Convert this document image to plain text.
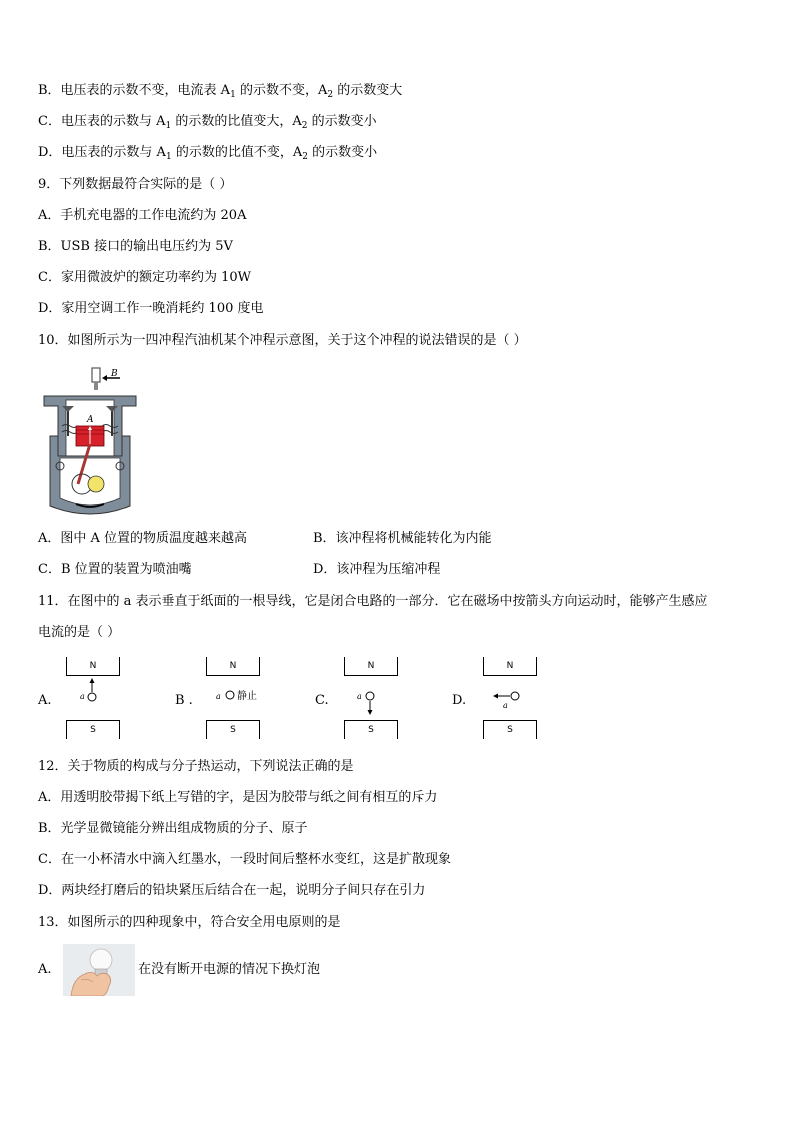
B．电压表的示数不变，电流表 $A_1$ 的示数不变，$A_2$ 的示数变大
C．电压表的示数与 $A_1$ 的示数的比值变大，$A_2$ 的示数变小
D．电压表的示数与 $A_1$ 的示数的比值不变，$A_2$ 的示数变小
9．下列数据最符合实际的是（ ）
A．手机充电器的工作电流约为 20A
B．USB 接口的输出电压约为 5V
C．家用微波炉的额定功率约为 10W
D．家用空调工作一晚消耗约 100 度电
10．如图所示为一四冲程汽油机某个冲程示意图，关于这个冲程的说法错误的是（ ）
B
A
A．图中 A 位置的物质温度越来越高	B．该冲程将机械能转化为内能
C．B 位置的装置为喷油嘴	D．该冲程为压缩冲程
11．在图中的 a 表示垂直于纸面的一根导线，它是闭合电路的一部分．它在磁场中按箭头方向运动时，能够产生感应
电流的是（ ）
A.
N
S
a	B .
N
S
a 静止	C.
N
S
a	D.
N
S
a
12．关于物质的构成与分子热运动，下列说法正确的是
A．用透明胶带揭下纸上写错的字，是因为胶带与纸之间有相互的斥力
B．光学显微镜能分辨出组成物质的分子、原子
C．在一小杯清水中滴入红墨水，一段时间后整杯水变红，这是扩散现象
D．两块经打磨后的铅块紧压后结合在一起，说明分子间只存在引力
13．如图所示的四种现象中，符合安全用电原则的是
A.	在没有断开电源的情况下换灯泡
